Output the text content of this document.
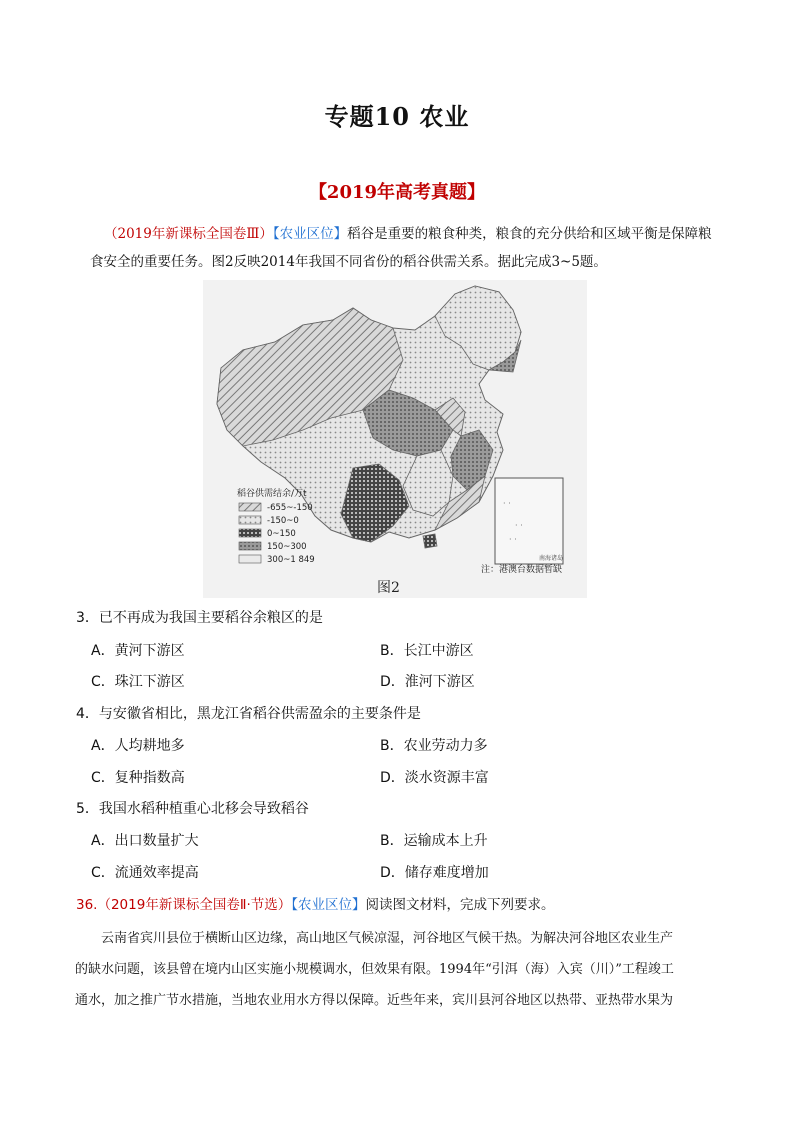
专题10 农业
【2019年高考真题】
（2019年新课标全国卷Ⅲ）【农业区位】稻谷是重要的粮食种类，粮食的充分供给和区域平衡是保障粮
食安全的重要任务。图2反映2014年我国不同省份的稻谷供需关系。据此完成3~5题。
· ·
· ·
· ·
南海诸岛
稻谷供需结余/万t
-655~-150
-150~0
0~150
150~300
300~1 849
注：港澳台数据暂缺
图2
3．已不再成为我国主要稻谷余粮区的是
A．黄河下游区	B．长江中游区
C．珠江下游区	D．淮河下游区
4．与安徽省相比，黑龙江省稻谷供需盈余的主要条件是
A．人均耕地多	B．农业劳动力多
C．复种指数高	D．淡水资源丰富
5．我国水稻种植重心北移会导致稻谷
A．出口数量扩大	B．运输成本上升
C．流通效率提高	D．储存难度增加
36.（2019年新课标全国卷Ⅱ·节选）【农业区位】阅读图文材料，完成下列要求。
云南省宾川县位于横断山区边缘，高山地区气候凉湿，河谷地区气候干热。为解决河谷地区农业生产
的缺水问题，该县曾在境内山区实施小规模调水，但效果有限。1994年“引洱（海）入宾（川）”工程竣工
通水，加之推广节水措施，当地农业用水方得以保障。近些年来，宾川县河谷地区以热带、亚热带水果为
